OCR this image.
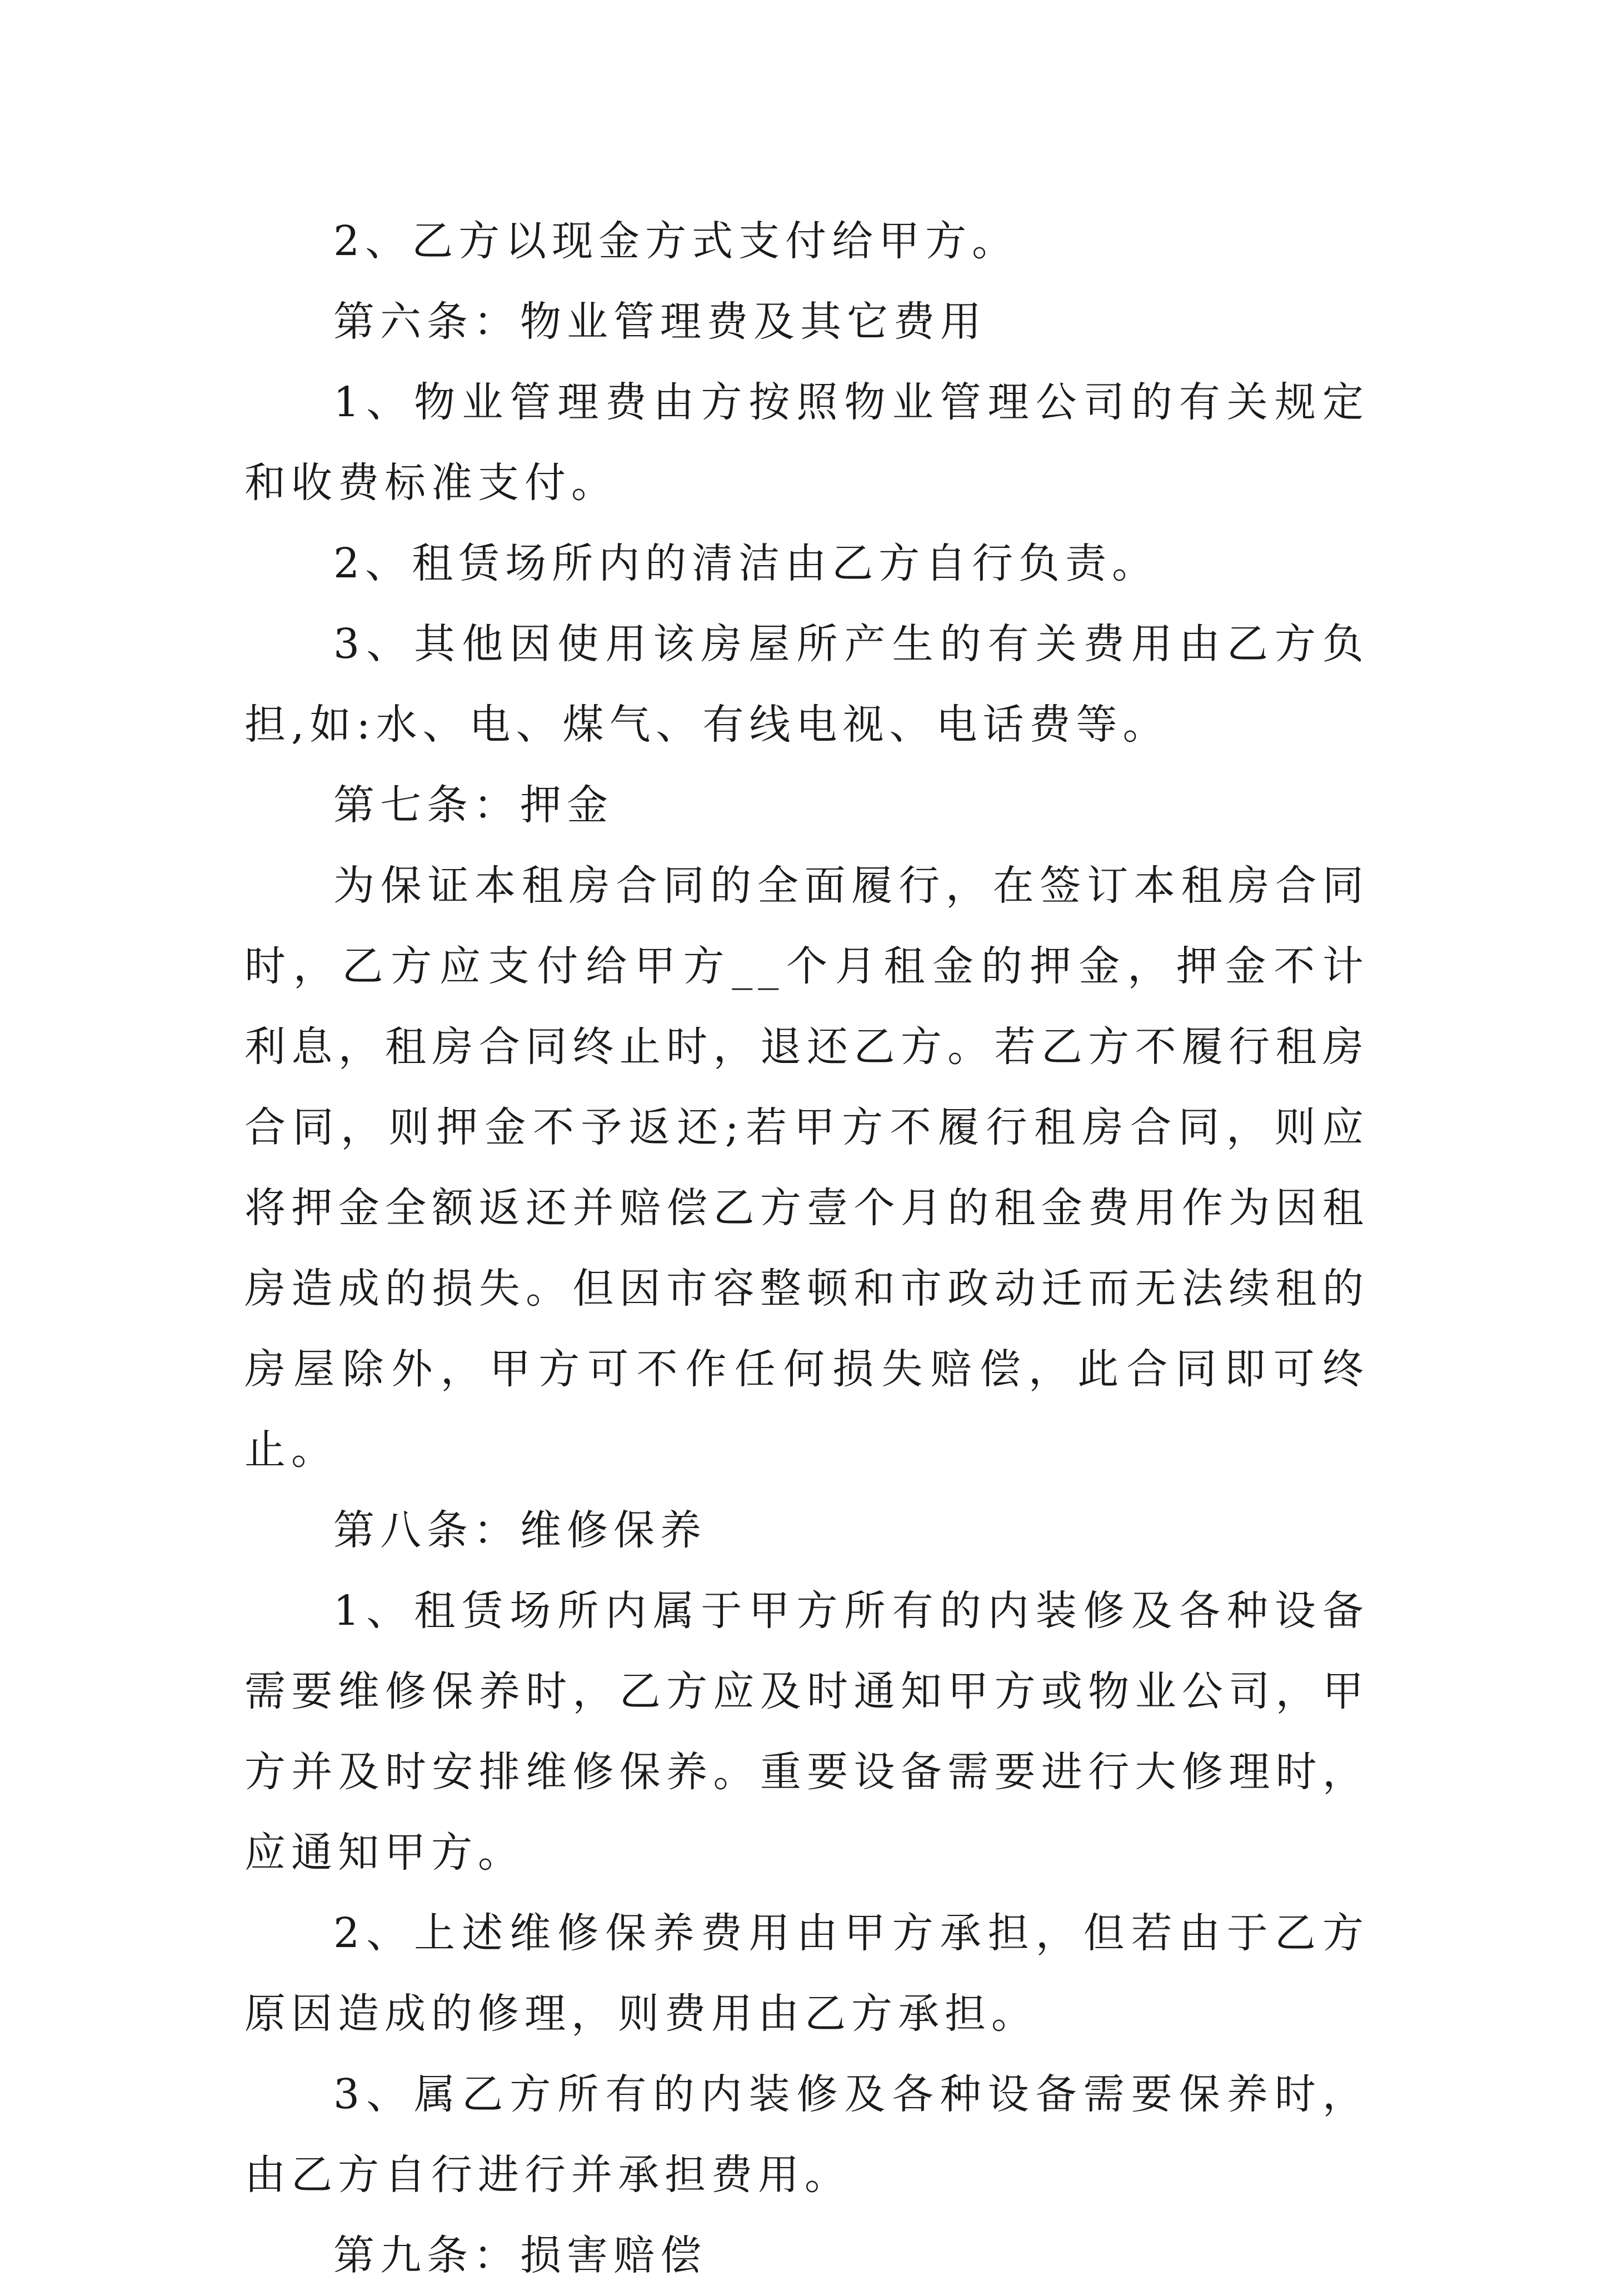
2、乙方以现金方式支付给甲方。

第六条：物业管理费及其它费用

1、物业管理费由方按照物业管理公司的有关规定和收费标准支付。

2、租赁场所内的清洁由乙方自行负责。

3、其他因使用该房屋所产生的有关费用由乙方负担,如:水、电、煤气、有线电视、电话费等。

第七条：押金

为保证本租房合同的全面履行，在签订本租房合同时，乙方应支付给甲方__个月租金的押金，押金不计利息，租房合同终止时，退还乙方。若乙方不履行租房合同，则押金不予返还;若甲方不履行租房合同，则应将押金全额返还并赔偿乙方壹个月的租金费用作为因租房造成的损失。但因市容整顿和市政动迁而无法续租的房屋除外，甲方可不作任何损失赔偿，此合同即可终止。

第八条：维修保养

1、租赁场所内属于甲方所有的内装修及各种设备需要维修保养时，乙方应及时通知甲方或物业公司，甲方并及时安排维修保养。重要设备需要进行大修理时，应通知甲方。

2、上述维修保养费用由甲方承担，但若由于乙方原因造成的修理，则费用由乙方承担。

3、属乙方所有的内装修及各种设备需要保养时，由乙方自行进行并承担费用。

第九条：损害赔偿
